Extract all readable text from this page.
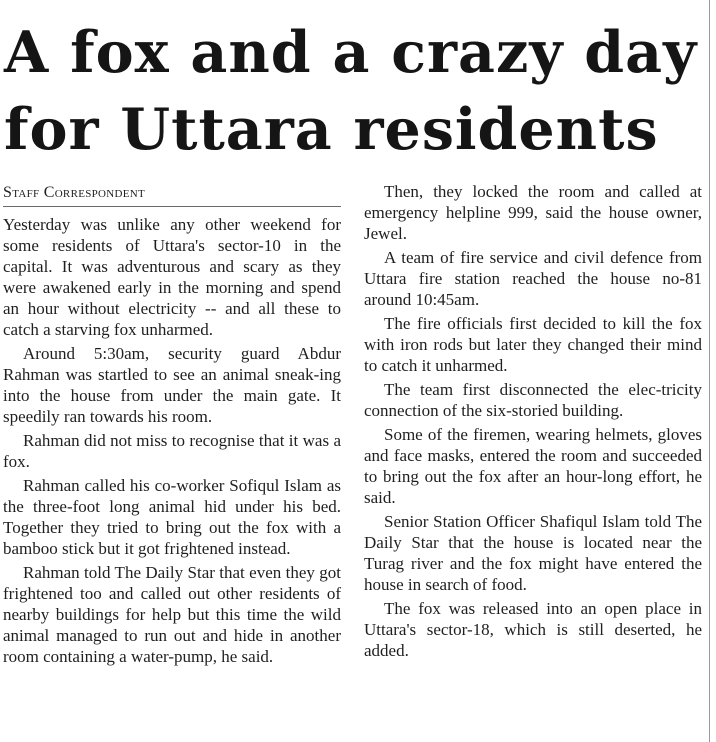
A fox and a crazy day
for Uttara residents
Staff Correspondent

Yesterday was unlike any other weekend for some residents of Uttara's sector-10 in the capital. It was adventurous and scary as they were awakened early in the morning and spend an hour without electricity -- and all these to catch a starving fox unharmed.

Around 5:30am, security guard Abdur Rahman was startled to see an animal sneak-ing into the house from under the main gate. It speedily ran towards his room.

Rahman did not miss to recognise that it was a fox.

Rahman called his co-worker Sofiqul Islam as the three-foot long animal hid under his bed. Together they tried to bring out the fox with a bamboo stick but it got frightened instead.

Rahman told The Daily Star that even they got frightened too and called out other residents of nearby buildings for help but this time the wild animal managed to run out and hide in another room containing a water-pump, he said.

Then, they locked the room and called at emergency helpline 999, said the house owner, Jewel.

A team of fire service and civil defence from Uttara fire station reached the house no-81 around 10:45am.

The fire officials first decided to kill the fox with iron rods but later they changed their mind to catch it unharmed.

The team first disconnected the elec-tricity connection of the six-storied building.

Some of the firemen, wearing helmets, gloves and face masks, entered the room and succeeded to bring out the fox after an hour-long effort, he said.

Senior Station Officer Shafiqul Islam told The Daily Star that the house is located near the Turag river and the fox might have entered the house in search of food.

The fox was released into an open place in Uttara's sector-18, which is still deserted, he added.
